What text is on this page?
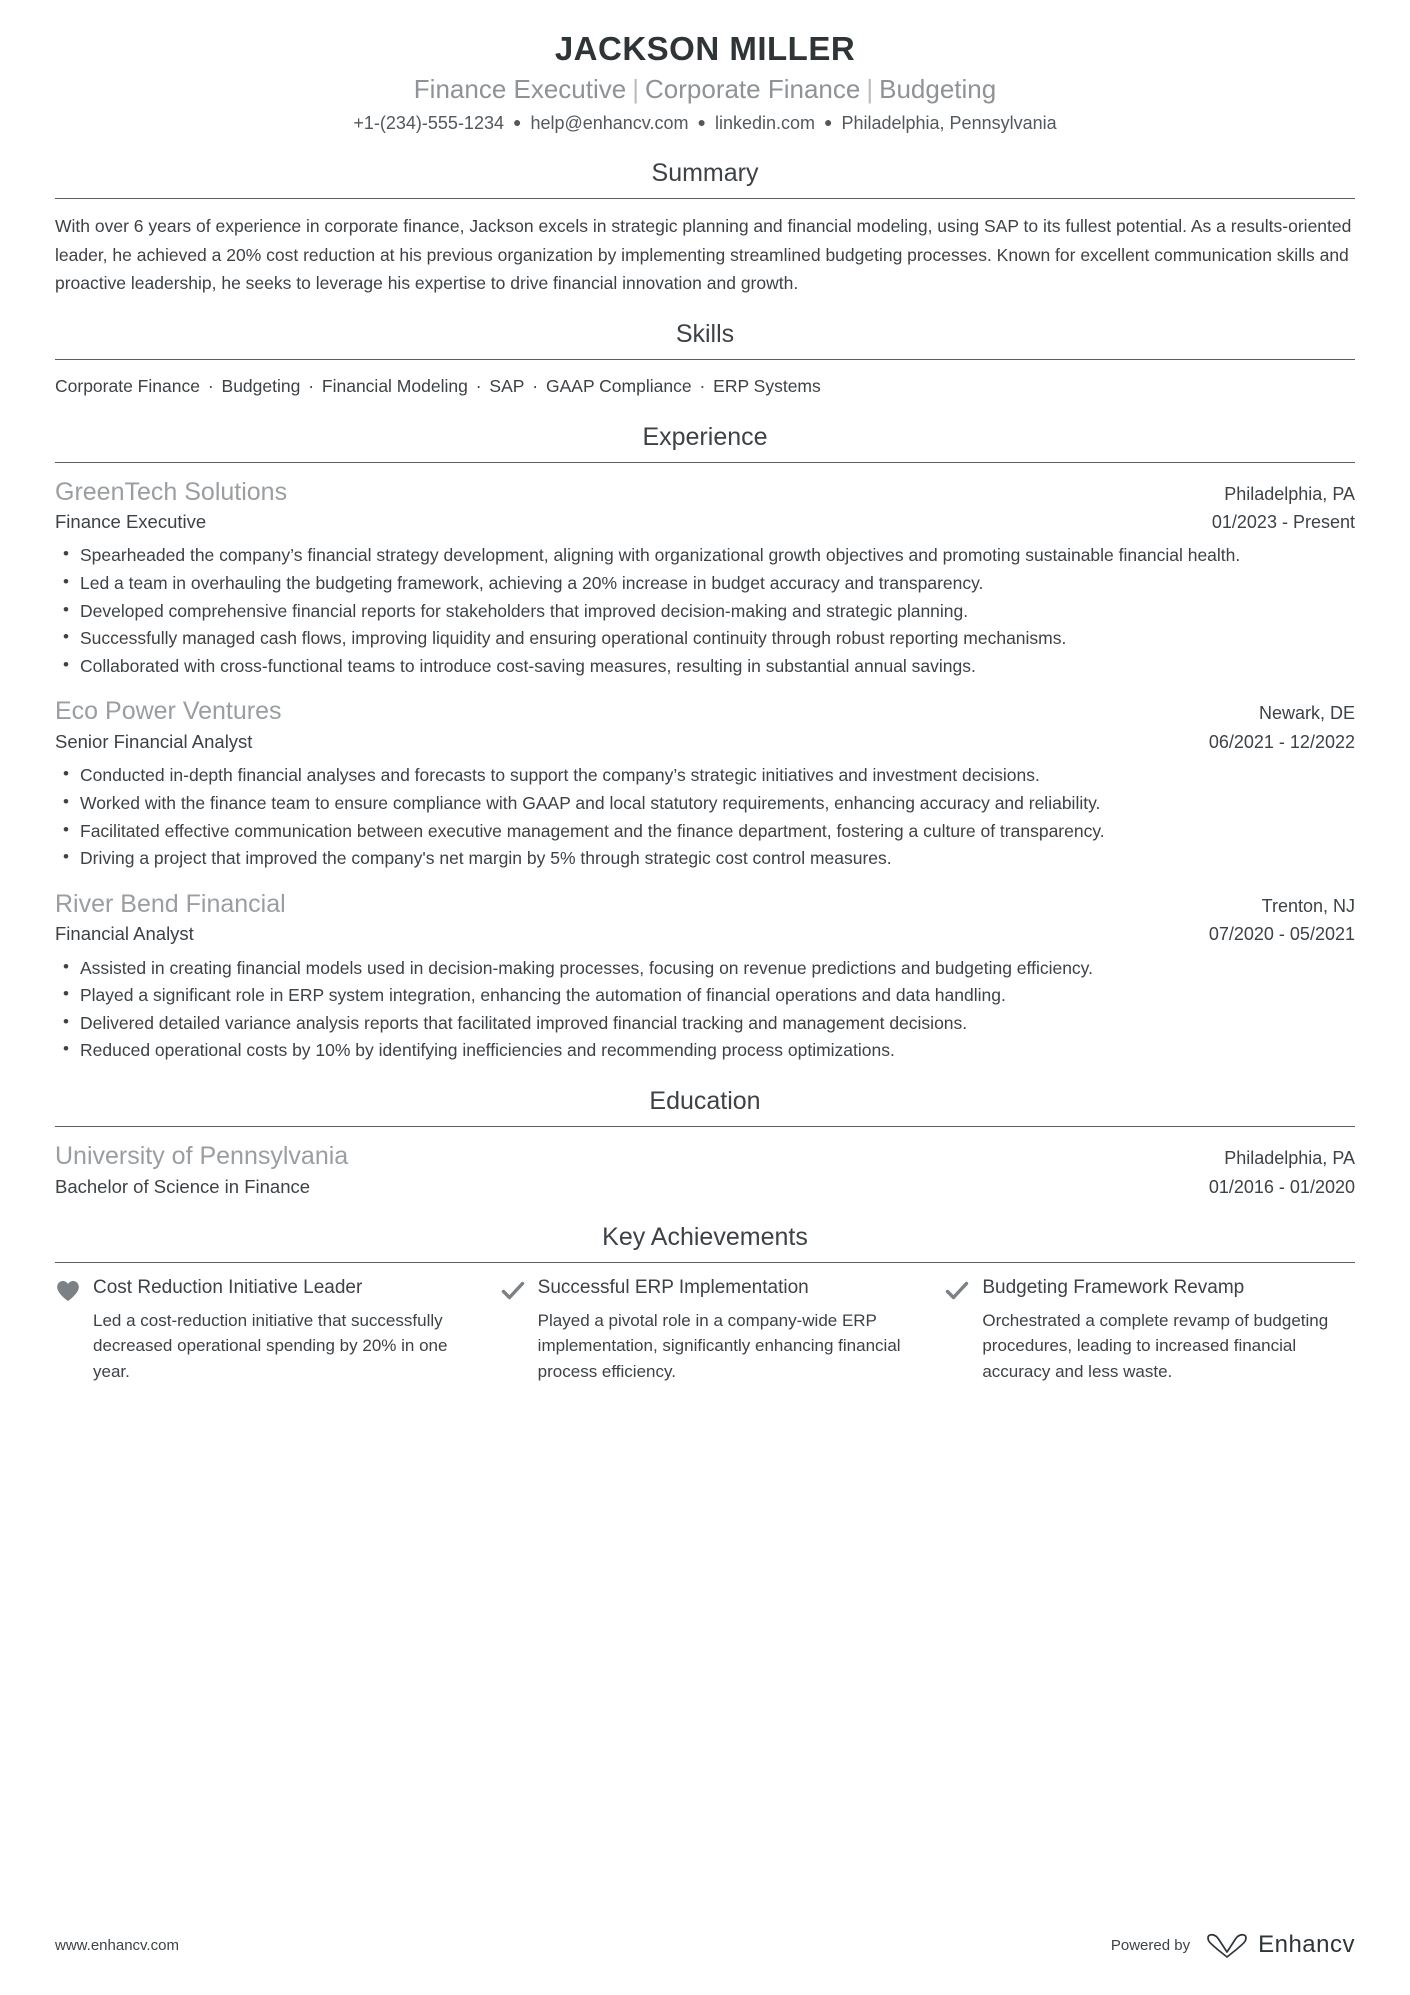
JACKSON MILLER
Finance Executive | Corporate Finance | Budgeting
+1-(234)-555-1234 ● help@enhancv.com ● linkedin.com ● Philadelphia, Pennsylvania
Summary

With over 6 years of experience in corporate finance, Jackson excels in strategic planning and financial modeling, using SAP to its fullest potential. As a results-oriented leader, he achieved a 20% cost reduction at his previous organization by implementing streamlined budgeting processes. Known for excellent communication skills and proactive leadership, he seeks to leverage his expertise to drive financial innovation and growth.

Skills
Corporate Finance · Budgeting · Financial Modeling · SAP · GAAP Compliance · ERP Systems
Experience
GreenTech Solutions	Philadelphia, PA
Finance Executive	01/2023 - Present
• Spearheaded the company’s financial strategy development, aligning with organizational growth objectives and promoting sustainable financial health.
• Led a team in overhauling the budgeting framework, achieving a 20% increase in budget accuracy and transparency.
• Developed comprehensive financial reports for stakeholders that improved decision-making and strategic planning.
• Successfully managed cash flows, improving liquidity and ensuring operational continuity through robust reporting mechanisms.
• Collaborated with cross-functional teams to introduce cost-saving measures, resulting in substantial annual savings.
Eco Power Ventures	Newark, DE
Senior Financial Analyst	06/2021 - 12/2022
• Conducted in-depth financial analyses and forecasts to support the company’s strategic initiatives and investment decisions.
• Worked with the finance team to ensure compliance with GAAP and local statutory requirements, enhancing accuracy and reliability.
• Facilitated effective communication between executive management and the finance department, fostering a culture of transparency.
• Driving a project that improved the company's net margin by 5% through strategic cost control measures.
River Bend Financial	Trenton, NJ
Financial Analyst	07/2020 - 05/2021
• Assisted in creating financial models used in decision-making processes, focusing on revenue predictions and budgeting efficiency.
• Played a significant role in ERP system integration, enhancing the automation of financial operations and data handling.
• Delivered detailed variance analysis reports that facilitated improved financial tracking and management decisions.
• Reduced operational costs by 10% by identifying inefficiencies and recommending process optimizations.
Education
University of Pennsylvania	Philadelphia, PA
Bachelor of Science in Finance	01/2016 - 01/2020
Key Achievements
Cost Reduction Initiative Leader
Led a cost-reduction initiative that successfully decreased operational spending by 20% in one year.
Successful ERP Implementation
Played a pivotal role in a company-wide ERP implementation, significantly enhancing financial process efficiency.
Budgeting Framework Revamp
Orchestrated a complete revamp of budgeting procedures, leading to increased financial accuracy and less waste.
www.enhancv.com	Powered by	Enhancv
